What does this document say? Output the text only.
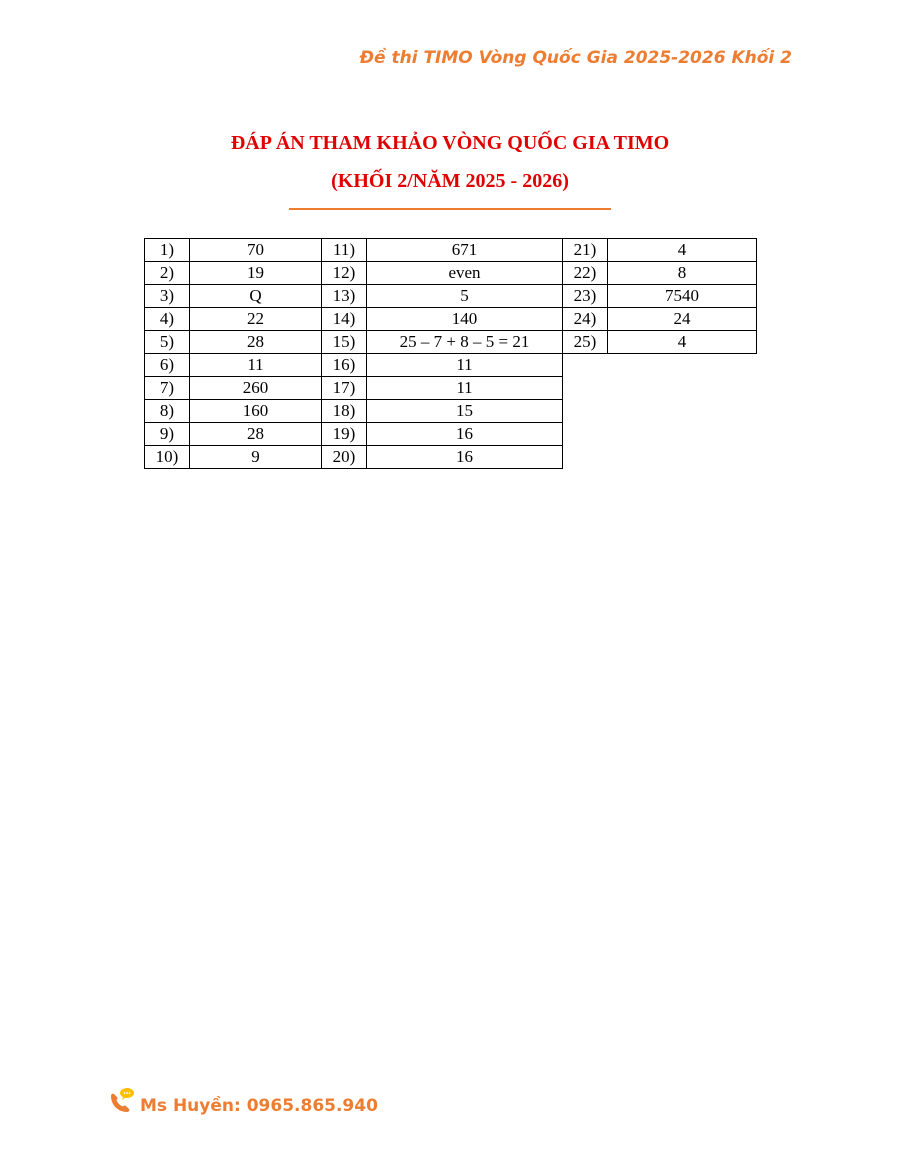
Đề thi TIMO Vòng Quốc Gia 2025-2026 Khối 2
ĐÁP ÁN THAM KHẢO VÒNG QUỐC GIA TIMO
(KHỐI 2/NĂM 2025 - 2026)
1)	70
2)	19
3)	Q
4)	22
5)	28
6)	11
7)	260
8)	160
9)	28
10)	9
11)	671
12)	even
13)	5
14)	140
15)	25 – 7 + 8 – 5 = 21
16)	11
17)	11
18)	15
19)	16
20)	16
21)	4
22)	8
23)	7540
24)	24
25)	4
Ms Huyền: 0965.865.940
